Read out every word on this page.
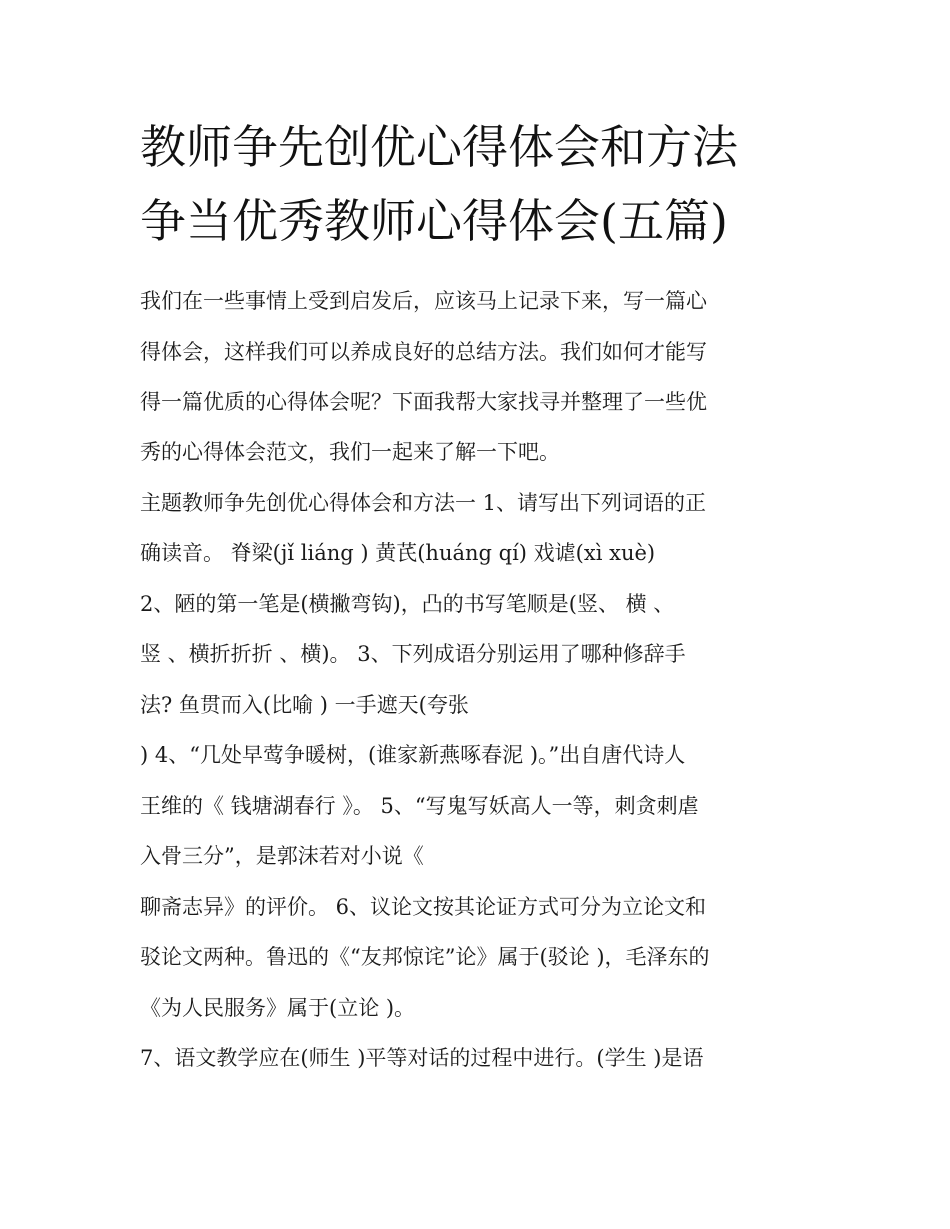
教师争先创优心得体会和方法
争当优秀教师心得体会(五篇)

我们在一些事情上受到启发后，应该马上记录下来，写一篇心

得体会，这样我们可以养成良好的总结方法。我们如何才能写

得一篇优质的心得体会呢？下面我帮大家找寻并整理了一些优

秀的心得体会范文，我们一起来了解一下吧。

主题教师争先创优心得体会和方法一 1、请写出下列词语的正

确读音。 脊梁(jǐ liáng ) 黄芪(huáng qí) 戏谑(xì xuè)

2、陋的第一笔是(横撇弯钩)，凸的书写笔顺是(竖、 横 、

竖 、横折折折 、横)。 3、下列成语分别运用了哪种修辞手

法? 鱼贯而入(比喻 ) 一手遮天(夸张

) 4、“几处早莺争暖树，(谁家新燕啄春泥 )。”出自唐代诗人

王维的《 钱塘湖春行 》。 5、“写鬼写妖高人一等，刺贪刺虐

入骨三分”，是郭沫若对小说《

聊斋志异》的评价。 6、议论文按其论证方式可分为立论文和

驳论文两种。鲁迅的《“友邦惊诧”论》属于(驳论 )，毛泽东的

《为人民服务》属于(立论 )。

7、语文教学应在(师生 )平等对话的过程中进行。(学生 )是语
